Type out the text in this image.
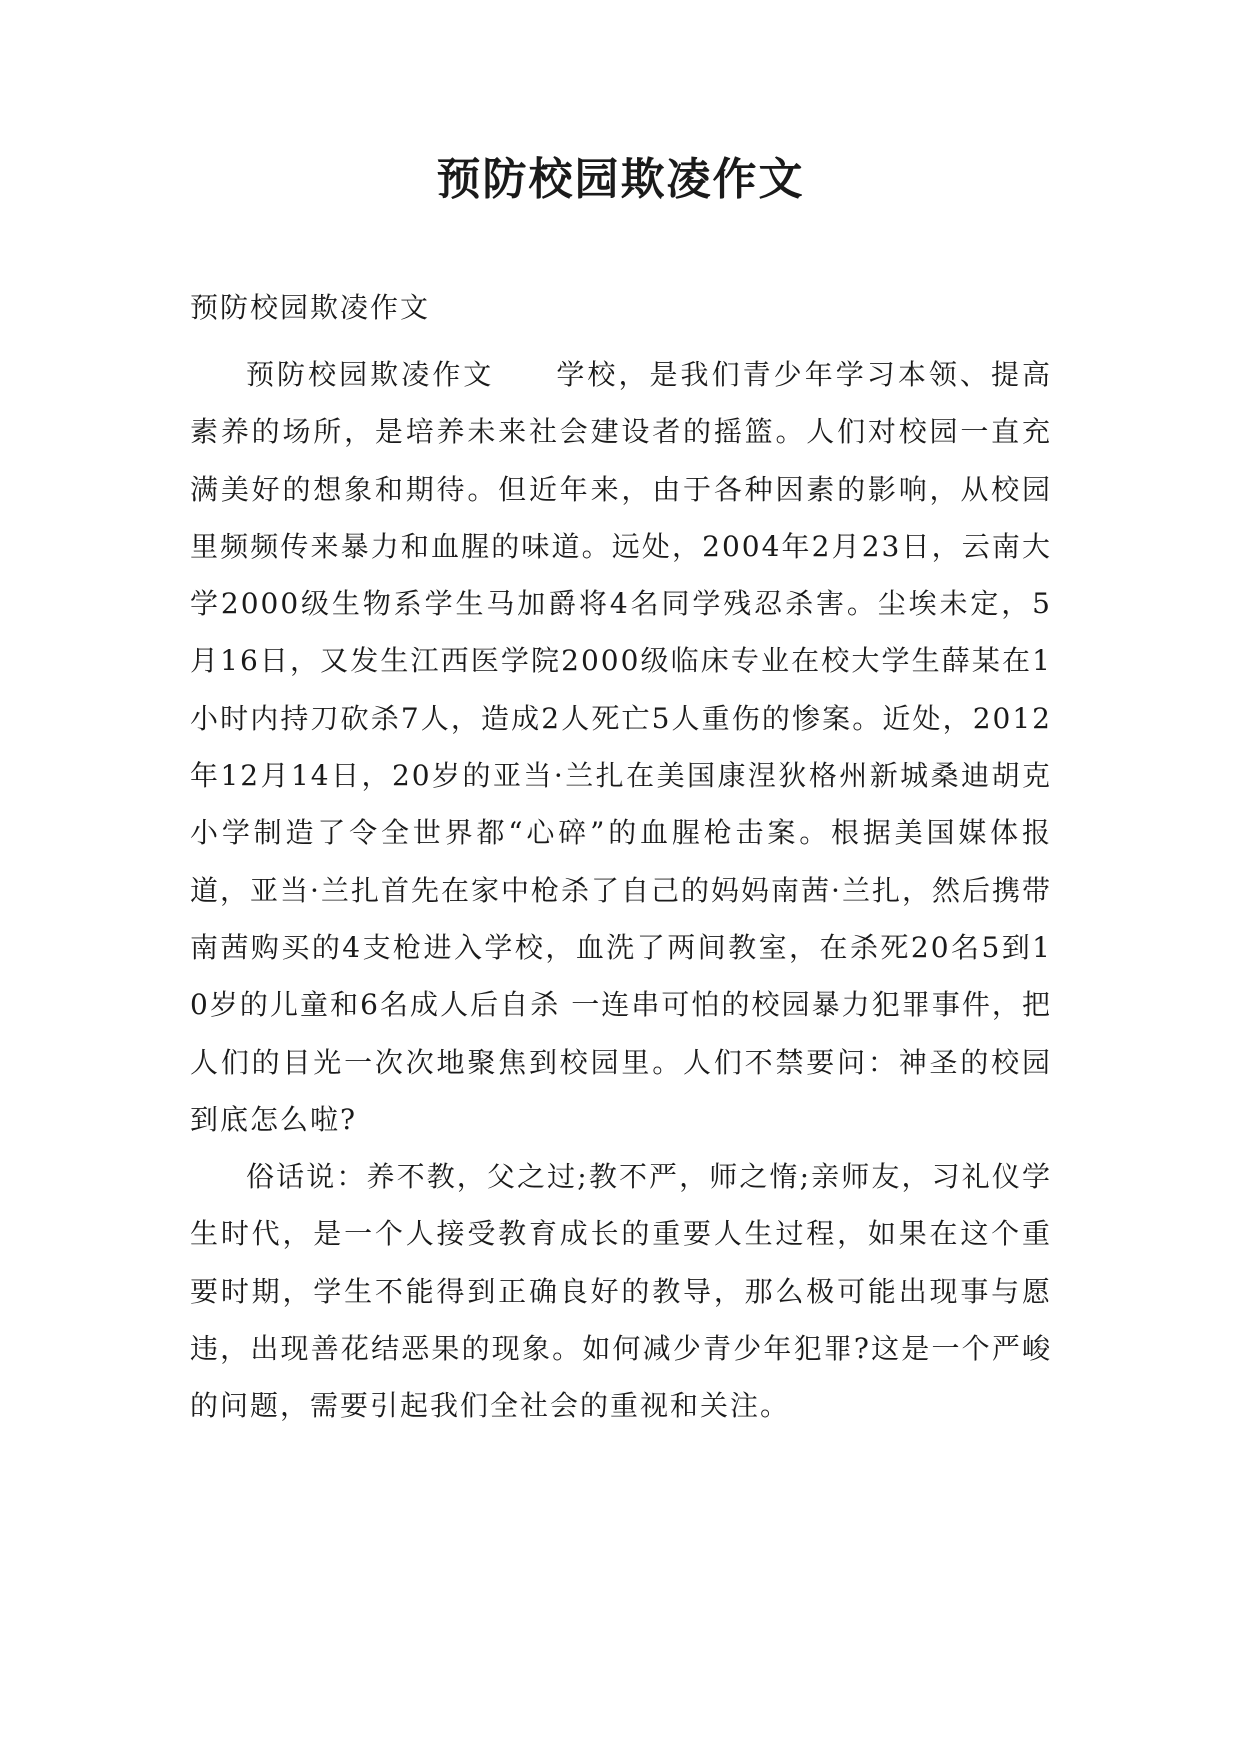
预防校园欺凌作文
预防校园欺凌作文

预防校园欺凌作文　　学校，是我们青少年学习本领、提高素养的场所，是培养未来社会建设者的摇篮。人们对校园一直充满美好的想象和期待。但近年来，由于各种因素的影响，从校园里频频传来暴力和血腥的味道。远处，2004年2月23日，云南大学2000级生物系学生马加爵将4名同学残忍杀害。尘埃未定，5月16日，又发生江西医学院2000级临床专业在校大学生薛某在1小时内持刀砍杀7人，造成2人死亡5人重伤的惨案。近处，2012年12月14日，20岁的亚当·兰扎在美国康涅狄格州新城桑迪胡克小学制造了令全世界都“心碎”的血腥枪击案。根据美国媒体报道，亚当·兰扎首先在家中枪杀了自己的妈妈南茜·兰扎，然后携带南茜购买的4支枪进入学校，血洗了两间教室，在杀死20名5到10岁的儿童和6名成人后自杀 一连串可怕的校园暴力犯罪事件，把人们的目光一次次地聚焦到校园里。人们不禁要问：神圣的校园到底怎么啦?

俗话说：养不教，父之过;教不严，师之惰;亲师友，习礼仪学生时代，是一个人接受教育成长的重要人生过程，如果在这个重要时期，学生不能得到正确良好的教导，那么极可能出现事与愿违，出现善花结恶果的现象。如何减少青少年犯罪?这是一个严峻的问题，需要引起我们全社会的重视和关注。
